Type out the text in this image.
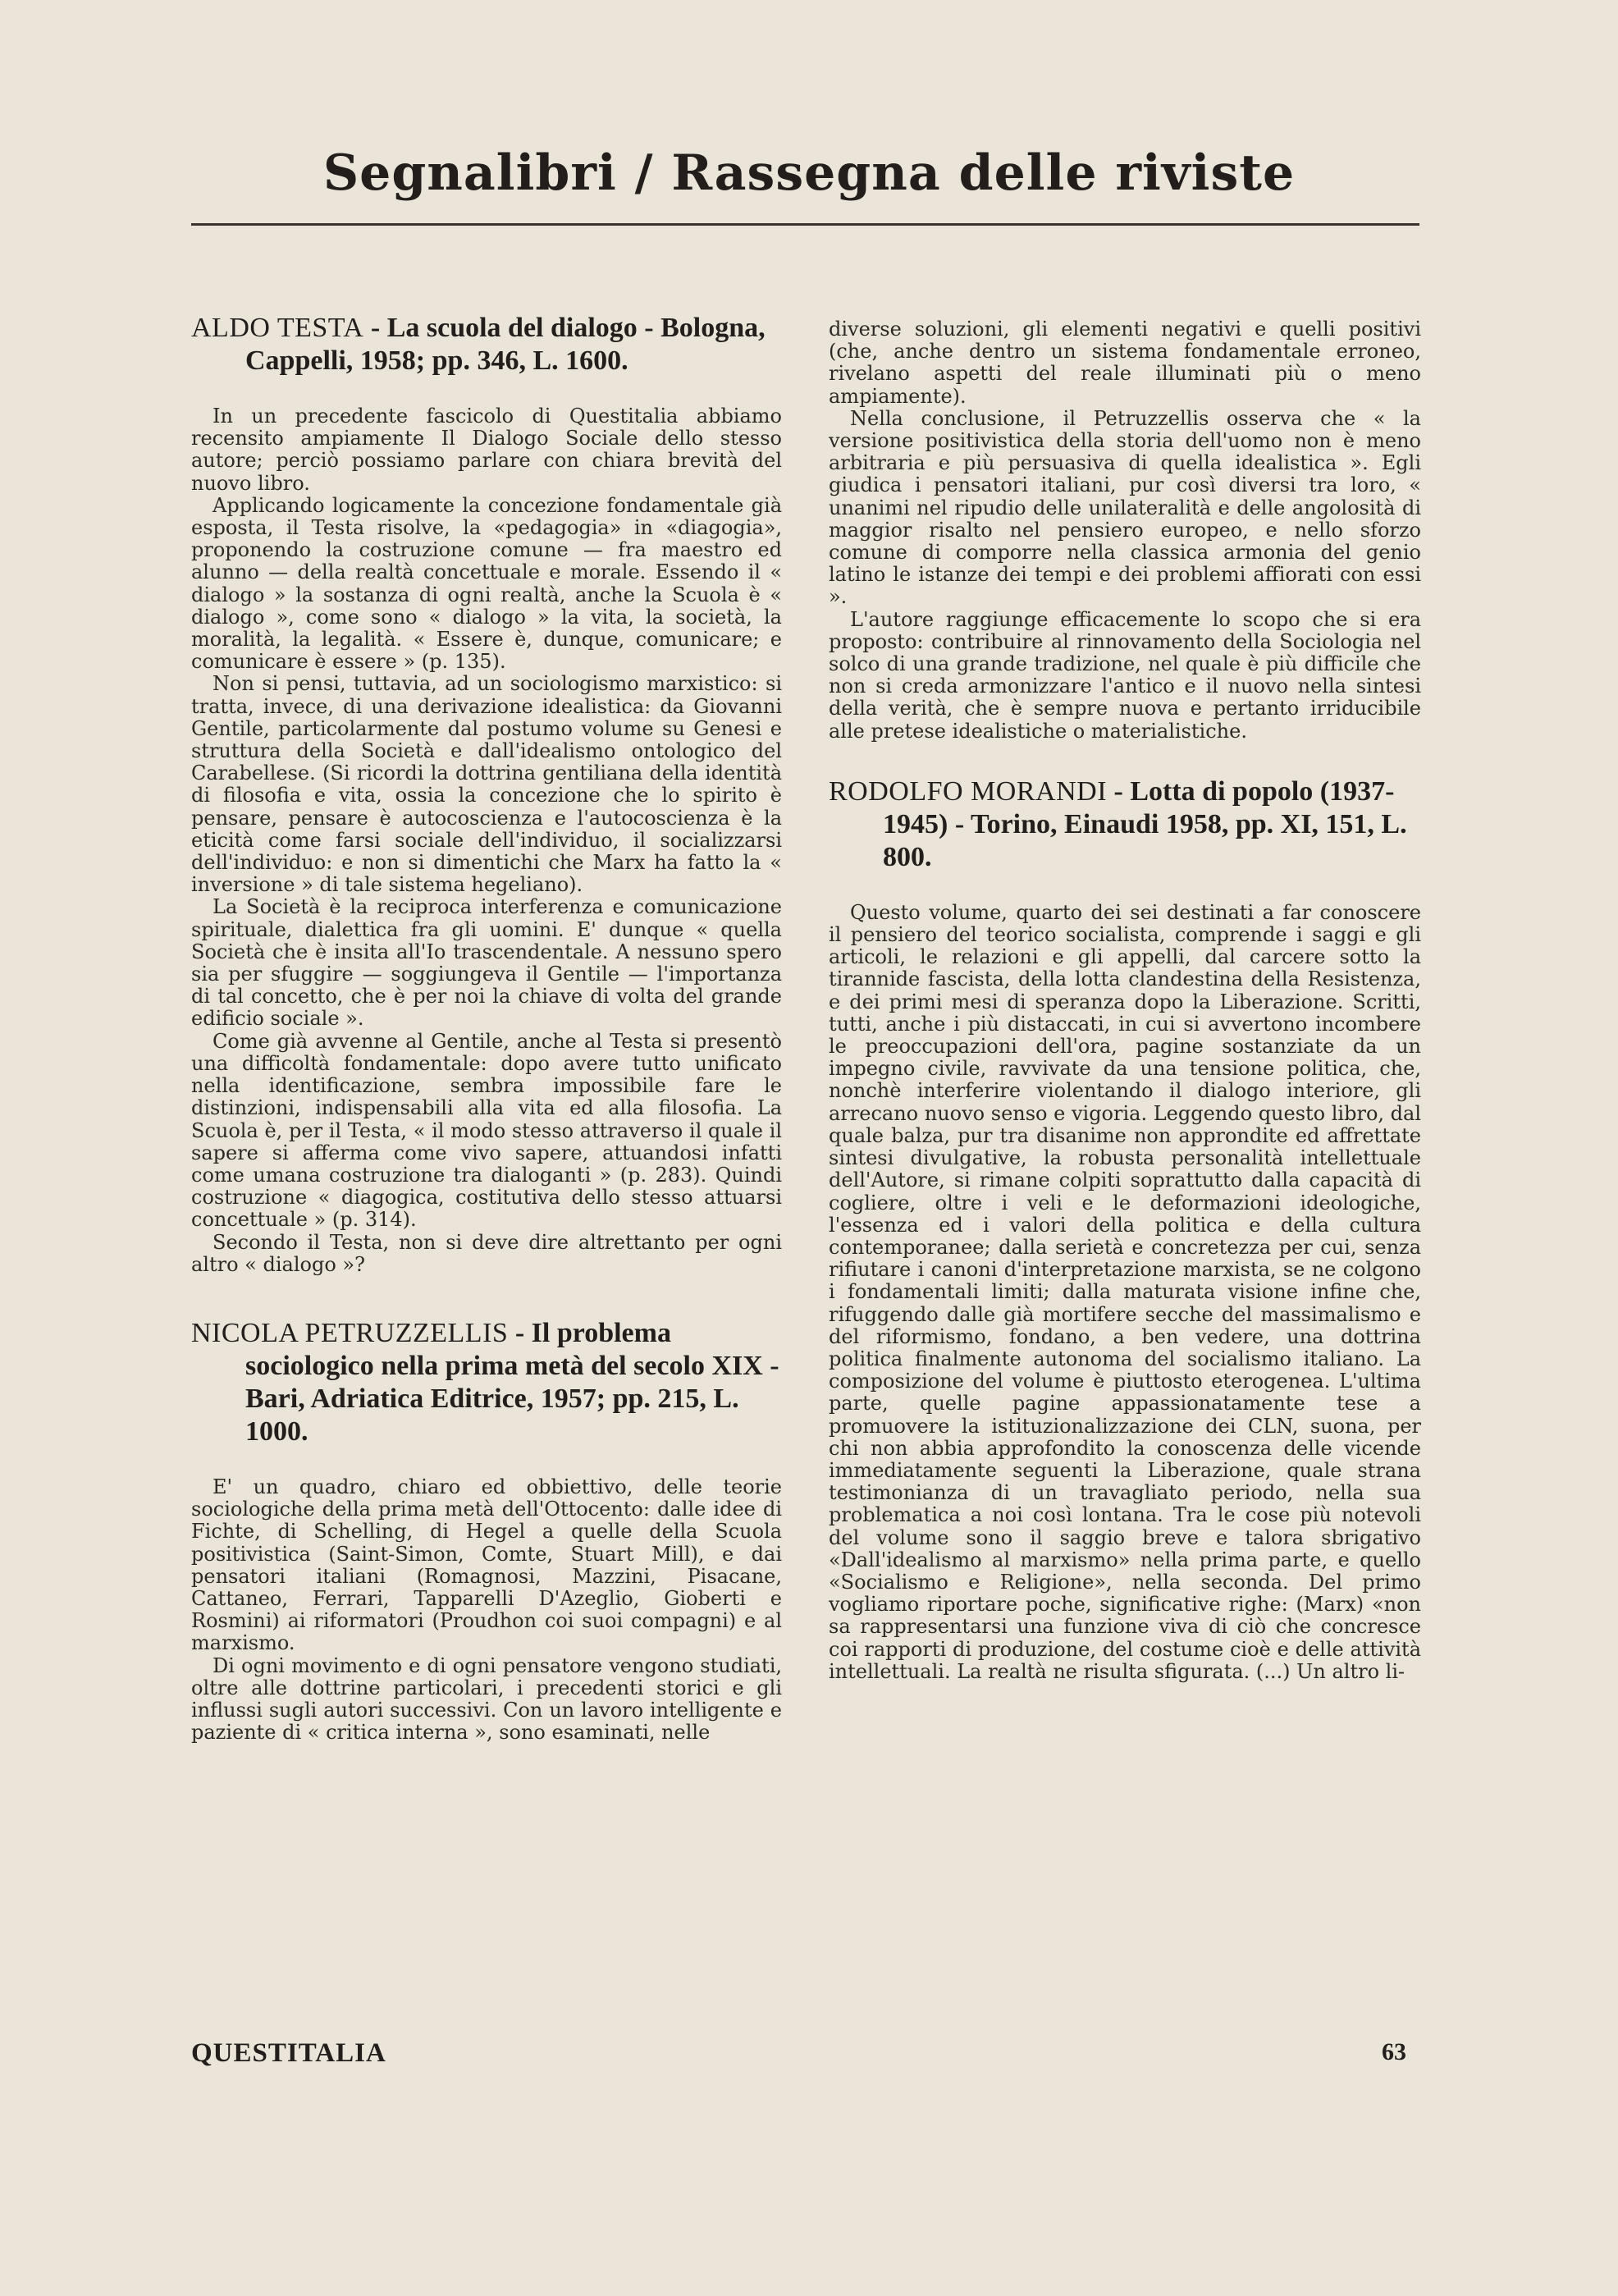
Segnalibri / Rassegna delle riviste
ALDO TESTA - La scuola del dialogo - Bologna, Cappelli, 1958; pp. 346, L. 1600.

In un precedente fascicolo di Questitalia abbiamo recensito ampiamente Il Dialogo Sociale dello stesso autore; perciò possiamo parlare con chiara brevità del nuovo libro.

Applicando logicamente la concezione fondamentale già esposta, il Testa risolve, la «pedagogia» in «diagogia», proponendo la costruzione comune — fra maestro ed alunno — della realtà concettuale e morale. Essendo il « dialogo » la sostanza di ogni realtà, anche la Scuola è « dialogo », come sono « dialogo » la vita, la società, la moralità, la legalità. « Essere è, dunque, comunicare; e comunicare è essere » (p. 135).

Non si pensi, tuttavia, ad un sociologismo marxistico: si tratta, invece, di una derivazione idealistica: da Giovanni Gentile, particolarmente dal postumo volume su Genesi e struttura della Società e dall'idealismo ontologico del Carabellese. (Si ricordi la dottrina gentiliana della identità di filosofia e vita, ossia la concezione che lo spirito è pensare, pensare è autocoscienza e l'autocoscienza è la eticità come farsi sociale dell'individuo, il socializzarsi dell'individuo: e non si dimentichi che Marx ha fatto la « inversione » di tale sistema hegeliano).

La Società è la reciproca interferenza e comunicazione spirituale, dialettica fra gli uomini. E' dunque « quella Società che è insita all'Io trascendentale. A nessuno spero sia per sfuggire — soggiungeva il Gentile — l'importanza di tal concetto, che è per noi la chiave di volta del grande edificio sociale ».

Come già avvenne al Gentile, anche al Testa si presentò una difficoltà fondamentale: dopo avere tutto unificato nella identificazione, sembra impossibile fare le distinzioni, indispensabili alla vita ed alla filosofia. La Scuola è, per il Testa, « il modo stesso attraverso il quale il sapere si afferma come vivo sapere, attuandosi infatti come umana costruzione tra dialoganti » (p. 283). Quindi costruzione « diagogica, costitutiva dello stesso attuarsi concettuale » (p. 314).

Secondo il Testa, non si deve dire altrettanto per ogni altro « dialogo »?

NICOLA PETRUZZELLIS - Il problema sociologico nella prima metà del secolo XIX - Bari, Adriatica Editrice, 1957; pp. 215, L. 1000.

E' un quadro, chiaro ed obbiettivo, delle teorie sociologiche della prima metà dell'Ottocento: dalle idee di Fichte, di Schelling, di Hegel a quelle della Scuola positivistica (Saint-Simon, Comte, Stuart Mill), e dai pensatori italiani (Romagnosi, Mazzini, Pisacane, Cattaneo, Ferrari, Tapparelli D'Azeglio, Gioberti e Rosmini) ai riformatori (Proudhon coi suoi compagni) e al marxismo.

Di ogni movimento e di ogni pensatore vengono studiati, oltre alle dottrine particolari, i precedenti storici e gli influssi sugli autori successivi. Con un lavoro intelligente e paziente di « critica interna », sono esaminati, nelle

diverse soluzioni, gli elementi negativi e quelli positivi (che, anche dentro un sistema fondamentale erroneo, rivelano aspetti del reale illuminati più o meno ampiamente).

Nella conclusione, il Petruzzellis osserva che « la versione positivistica della storia dell'uomo non è meno arbitraria e più persuasiva di quella idealistica ». Egli giudica i pensatori italiani, pur così diversi tra loro, « unanimi nel ripudio delle unilateralità e delle angolosità di maggior risalto nel pensiero europeo, e nello sforzo comune di comporre nella classica armonia del genio latino le istanze dei tempi e dei problemi affiorati con essi ».

L'autore raggiunge efficacemente lo scopo che si era proposto: contribuire al rinnovamento della Sociologia nel solco di una grande tradizione, nel quale è più difficile che non si creda armonizzare l'antico e il nuovo nella sintesi della verità, che è sempre nuova e pertanto irriducibile alle pretese idealistiche o materialistiche.

RODOLFO MORANDI - Lotta di popolo (1937-1945) - Torino, Einaudi 1958, pp. XI, 151, L. 800.

Questo volume, quarto dei sei destinati a far conoscere il pensiero del teorico socialista, comprende i saggi e gli articoli, le relazioni e gli appelli, dal carcere sotto la tirannide fascista, della lotta clandestina della Resistenza, e dei primi mesi di speranza dopo la Liberazione. Scritti, tutti, anche i più distaccati, in cui si avvertono incombere le preoccupazioni dell'ora, pagine sostanziate da un impegno civile, ravvivate da una tensione politica, che, nonchè interferire violentando il dialogo interiore, gli arrecano nuovo senso e vigoria. Leggendo questo libro, dal quale balza, pur tra disanime non approndite ed affrettate sintesi divulgative, la robusta personalità intellettuale dell'Autore, si rimane colpiti soprattutto dalla capacità di cogliere, oltre i veli e le deformazioni ideologiche, l'essenza ed i valori della politica e della cultura contemporanee; dalla serietà e concretezza per cui, senza rifiutare i canoni d'interpretazione marxista, se ne colgono i fondamentali limiti; dalla maturata visione infine che, rifuggendo dalle già mortifere secche del massimalismo e del riformismo, fondano, a ben vedere, una dottrina politica finalmente autonoma del socialismo italiano. La composizione del volume è piuttosto eterogenea. L'ultima parte, quelle pagine appassionatamente tese a promuovere la istituzionalizzazione dei CLN, suona, per chi non abbia approfondito la conoscenza delle vicende immediatamente seguenti la Liberazione, quale strana testimonianza di un travagliato periodo, nella sua problematica a noi così lontana. Tra le cose più notevoli del volume sono il saggio breve e talora sbrigativo «Dall'idealismo al marxismo» nella prima parte, e quello «Socialismo e Religione», nella seconda. Del primo vogliamo riportare poche, significative righe: (Marx) «non sa rappresentarsi una funzione viva di ciò che concresce coi rapporti di produzione, del costume cioè e delle attività intellettuali. La realtà ne risulta sfigurata. (...) Un altro li-

QUESTITALIA	63
